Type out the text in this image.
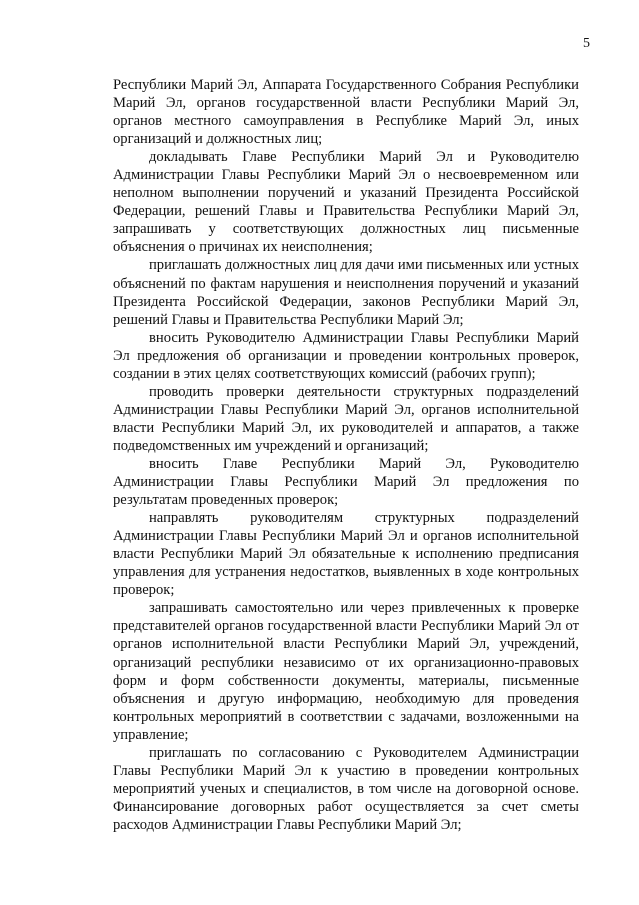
5

Республики Марий Эл, Аппарата Государственного Собрания Республики Марий Эл, органов государственной власти Республики Марий Эл, органов местного самоуправления в Республике Марий Эл, иных организаций и должностных лиц;

докладывать Главе Республики Марий Эл и Руководителю Администрации Главы Республики Марий Эл о несвоевременном или неполном выполнении поручений и указаний Президента Российской Федерации, решений Главы и Правительства Республики Марий Эл, запрашивать у соответствующих должностных лиц письменные объяснения о причинах их неисполнения;

приглашать должностных лиц для дачи ими письменных или устных объяснений по фактам нарушения и неисполнения поручений и указаний Президента Российской Федерации, законов Республики Марий Эл, решений Главы и Правительства Республики Марий Эл;

вносить Руководителю Администрации Главы Республики Марий Эл предложения об организации и проведении контрольных проверок, создании в этих целях соответствующих комиссий (рабочих групп);

проводить проверки деятельности структурных подразделений Администрации Главы Республики Марий Эл, органов исполнительной власти Республики Марий Эл, их руководителей и аппаратов, а также подведомственных им учреждений и организаций;

вносить Главе Республики Марий Эл, Руководителю Администрации Главы Республики Марий Эл предложения по результатам проведенных проверок;

направлять руководителям структурных подразделений Администрации Главы Республики Марий Эл и органов исполнительной власти Республики Марий Эл обязательные к исполнению предписания управления для устранения недостатков, выявленных в ходе контрольных проверок;

запрашивать самостоятельно или через привлеченных к проверке представителей органов государственной власти Республики Марий Эл от органов исполнительной власти Республики Марий Эл, учреждений, организаций республики независимо от их организационно-правовых форм и форм собственности документы, материалы, письменные объяснения и другую информацию, необходимую для проведения контрольных мероприятий в соответствии с задачами, возложенными на управление;

приглашать по согласованию с Руководителем Администрации Главы Республики Марий Эл к участию в проведении контрольных мероприятий ученых и специалистов, в том числе на договорной основе. Финансирование договорных работ осуществляется за счет сметы расходов Администрации Главы Республики Марий Эл;
